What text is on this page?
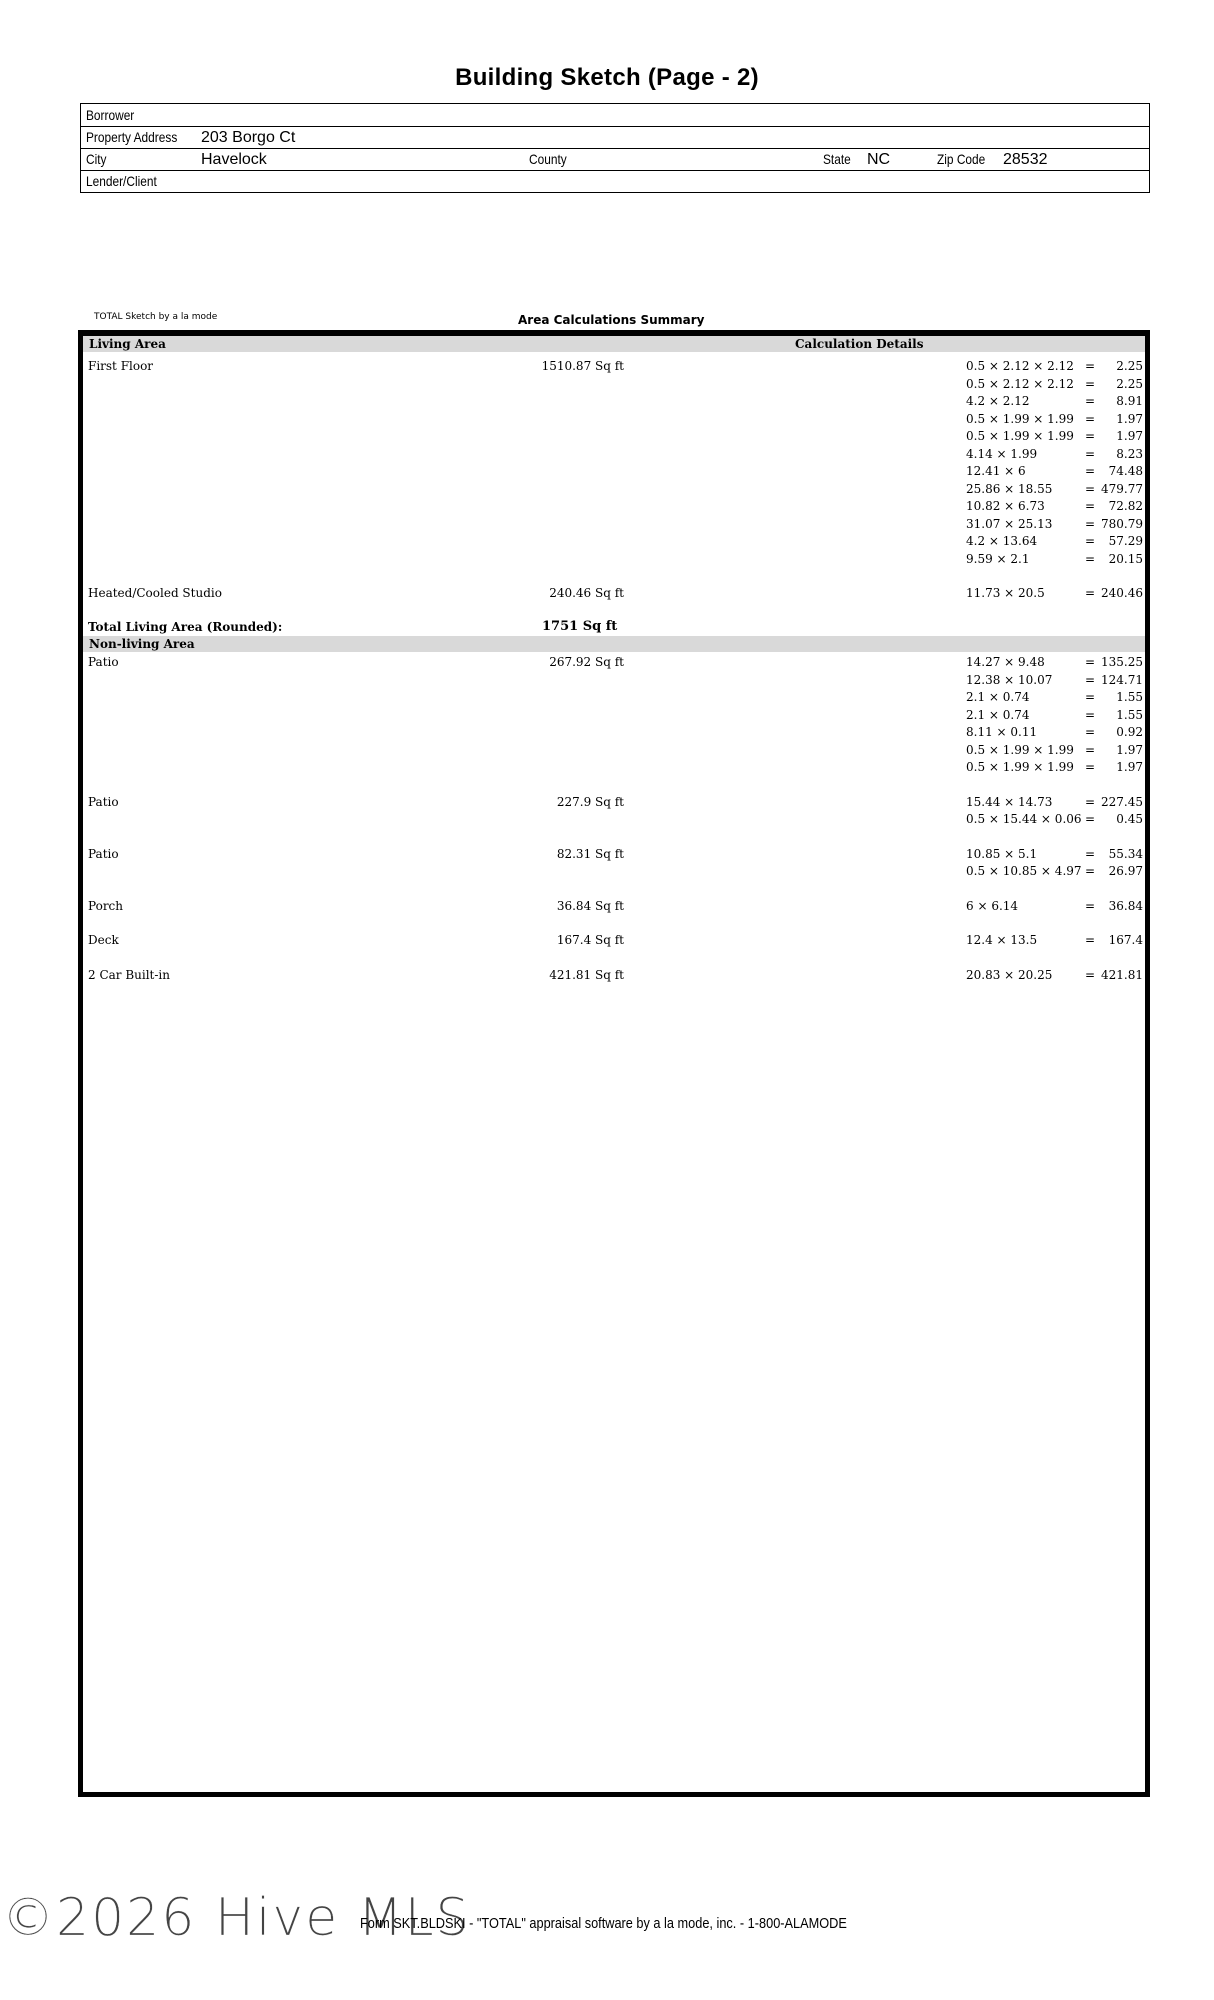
Building Sketch (Page - 2)
Borrower
Property Address 203 Borgo Ct
City	Havelock	County	State NC	Zip Code 28532
Lender/Client
TOTAL Sketch by a la mode	Area Calculations Summary
Living Area	Calculation Details
First Floor	1510.87 Sq ft	0.5 × 2.12 × 2.12 = 2.25
0.5 × 2.12 × 2.12 = 2.25
4.2 × 2.12	= 8.91
0.5 × 1.99 × 1.99 = 1.97
0.5 × 1.99 × 1.99 = 1.97
4.14 × 1.99	= 8.23
12.41 × 6	= 74.48
25.86 × 18.55	= 479.77
10.82 × 6.73	= 72.82
31.07 × 25.13	= 780.79
4.2 × 13.64	= 57.29
9.59 × 2.1	= 20.15
Heated/Cooled Studio	240.46 Sq ft	11.73 × 20.5	= 240.46
Total Living Area (Rounded):	1751 Sq ft
Non-living Area
Patio	267.92 Sq ft	14.27 × 9.48	= 135.25
12.38 × 10.07	= 124.71
2.1 × 0.74	= 1.55
2.1 × 0.74	= 1.55
8.11 × 0.11	= 0.92
0.5 × 1.99 × 1.99 = 1.97
0.5 × 1.99 × 1.99 = 1.97
Patio	227.9 Sq ft	15.44 × 14.73	= 227.45
0.5 × 15.44 × 0.06 = 0.45
Patio	82.31 Sq ft	10.85 × 5.1	= 55.34
0.5 × 10.85 × 4.97 = 26.97
Porch	36.84 Sq ft	6 × 6.14	= 36.84
Deck	167.4 Sq ft	12.4 × 13.5	= 167.4
2 Car Built-in	421.81 Sq ft	20.83 × 20.25	= 421.81
©2026 Hive MLS
Form SKT.BLDSKI - "TOTAL" appraisal software by a la mode, inc. - 1-800-ALAMODE
